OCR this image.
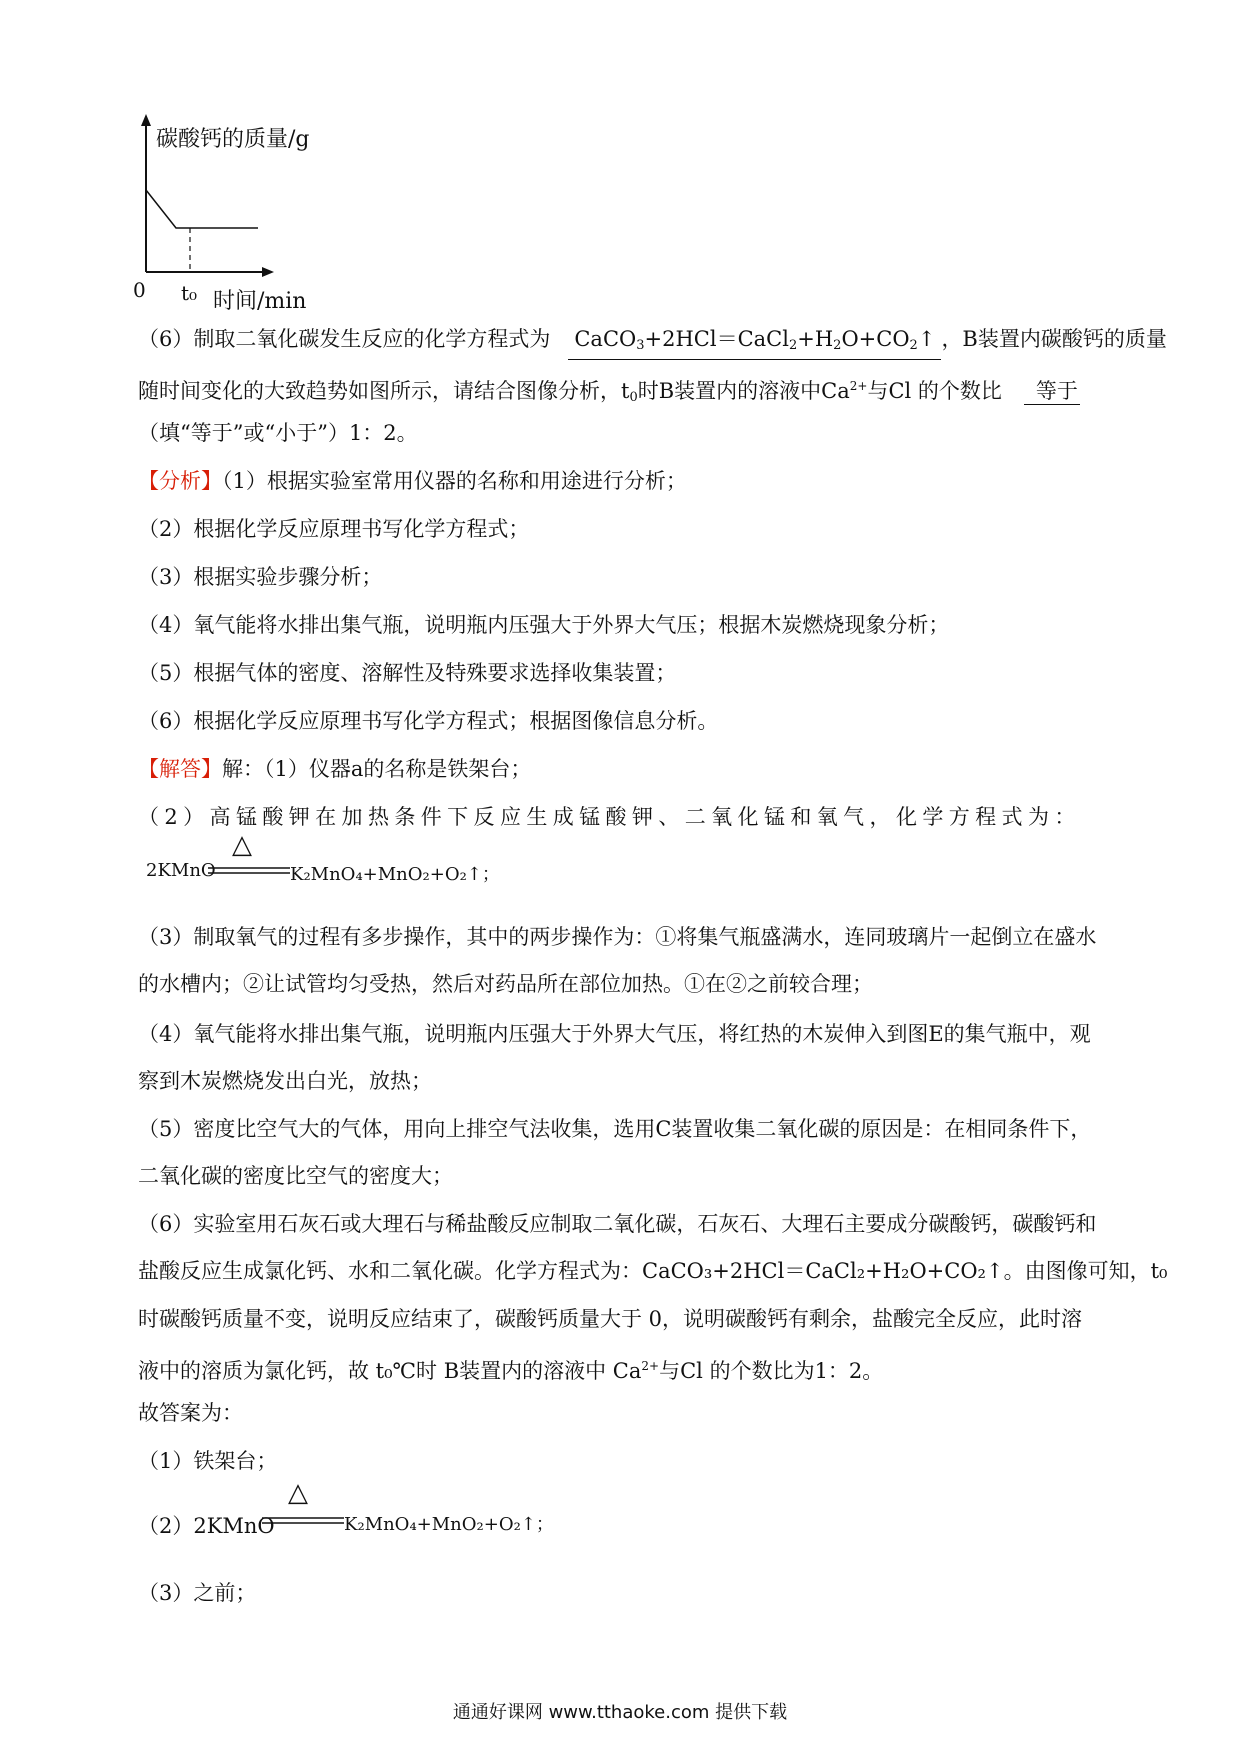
碳酸钙的质量/g
0 t₀ 时间/min
（6）制取二氧化碳发生反应的化学方程式为 $CaCO_3+2HCl=CaCl_2+H_2O+CO_2↑$ ，B装置内碳酸钙的质量
随时间变化的大致趋势如图所示，请结合图像分析，$t_0$时B装置内的溶液中$Ca^{2+}$与Cl 的个数比 等于
（填“等于”或“小于”）1：2。
【分析】（1）根据实验室常用仪器的名称和用途进行分析；
（2）根据化学反应原理书写化学方程式；
（3）根据实验步骤分析；
（4）氧气能将水排出集气瓶，说明瓶内压强大于外界大气压；根据木炭燃烧现象分析；
（5）根据气体的密度、溶解性及特殊要求选择收集装置；
（6）根据化学反应原理书写化学方程式；根据图像信息分析。
【解答】解：（1）仪器a的名称是铁架台；
（2）高锰酸钾在加热条件下反应生成锰酸钾、二氧化锰和氧气，化学方程式为：
2KMnO
△
K₂MnO₄+MnO₂+O₂↑；
（3）制取氧气的过程有多步操作，其中的两步操作为：①将集气瓶盛满水，连同玻璃片一起倒立在盛水
的水槽内；②让试管均匀受热，然后对药品所在部位加热。①在②之前较合理；
（4）氧气能将水排出集气瓶，说明瓶内压强大于外界大气压，将红热的木炭伸入到图E的集气瓶中，观
察到木炭燃烧发出白光，放热；
（5）密度比空气大的气体，用向上排空气法收集，选用C装置收集二氧化碳的原因是：在相同条件下，
二氧化碳的密度比空气的密度大；
（6）实验室用石灰石或大理石与稀盐酸反应制取二氧化碳，石灰石、大理石主要成分碳酸钙，碳酸钙和
盐酸反应生成氯化钙、水和二氧化碳。化学方程式为：CaCO₃+2HCl＝CaCl₂+H₂O+CO₂↑。由图像可知，t₀
时碳酸钙质量不变，说明反应结束了，碳酸钙质量大于 0，说明碳酸钙有剩余，盐酸完全反应，此时溶
液中的溶质为氯化钙，故 t₀℃时 B装置内的溶液中 $Ca^{2+}$与Cl 的个数比为1：2。
故答案为：
（1）铁架台；
（2）2KMnO
△
K₂MnO₄+MnO₂+O₂↑；
（3）之前；
通通好课网 www.tthaoke.com 提供下载
